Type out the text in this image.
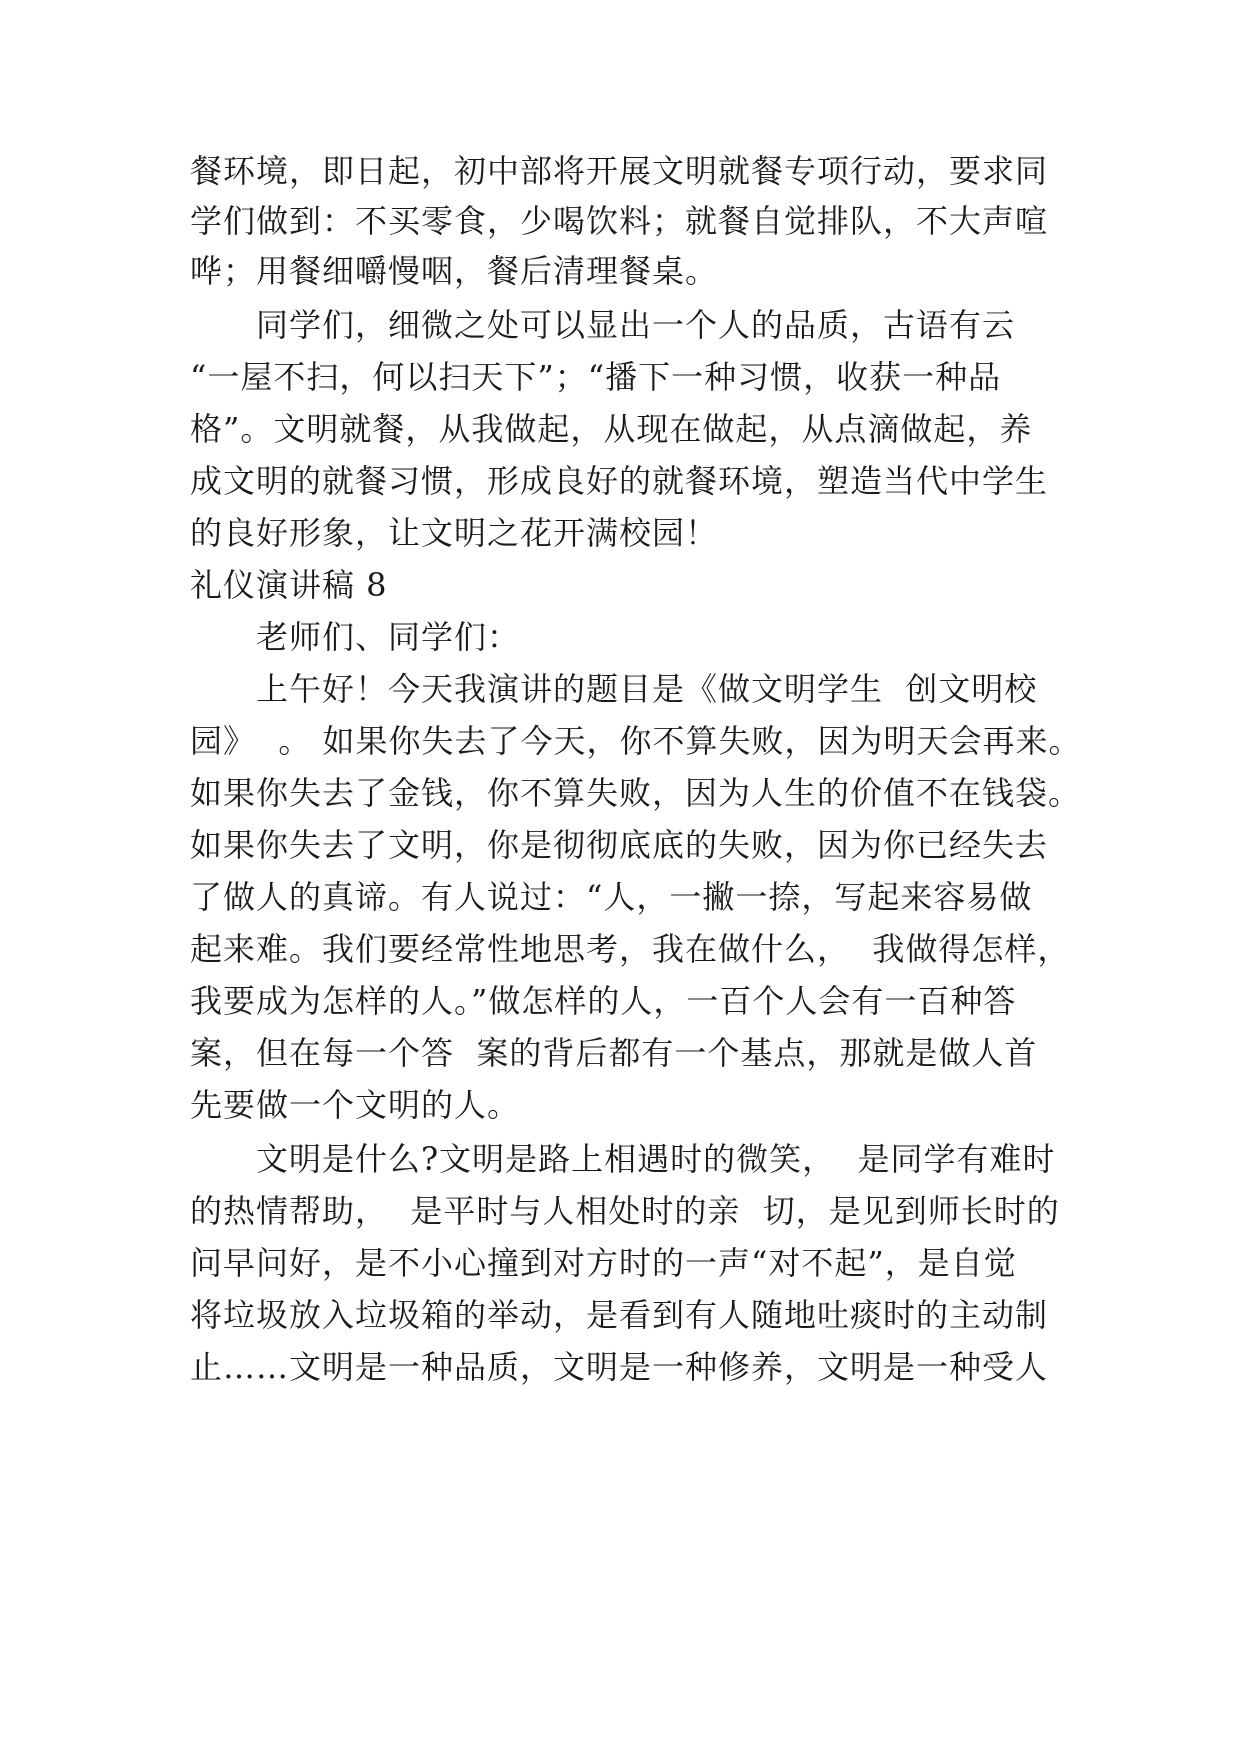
餐环境，即日起，初中部将开展文明就餐专项行动，要求同
学们做到：不买零食，少喝饮料；就餐自觉排队，不大声喧
哗；用餐细嚼慢咽，餐后清理餐桌。
同学们，细微之处可以显出一个人的品质，古语有云
“一屋不扫，何以扫天下”；“播下一种习惯，收获一种品
格”。文明就餐，从我做起，从现在做起，从点滴做起，养
成文明的就餐习惯，形成良好的就餐环境，塑造当代中学生
的良好形象，让文明之花开满校园！
礼仪演讲稿 8
老师们、同学们：
上午好！今天我演讲的题目是《做文明学生  创文明校
园》  。 如果你失去了今天，你不算失败，因为明天会再来。
如果你失去了金钱，你不算失败，因为人生的价值不在钱袋。
如果你失去了文明，你是彻彻底底的失败，因为你已经失去
了做人的真谛。有人说过：“人，一撇一捺，写起来容易做
起来难。我们要经常性地思考，我在做什么，  我做得怎样，
我要成为怎样的人。”做怎样的人，一百个人会有一百种答
案，但在每一个答  案的背后都有一个基点，那就是做人首
先要做一个文明的人。
文明是什么?文明是路上相遇时的微笑，  是同学有难时
的热情帮助，  是平时与人相处时的亲  切，是见到师长时的
问早问好，是不小心撞到对方时的一声“对不起”，是自觉
将垃圾放入垃圾箱的举动，是看到有人随地吐痰时的主动制
止……文明是一种品质，文明是一种修养，文明是一种受人
